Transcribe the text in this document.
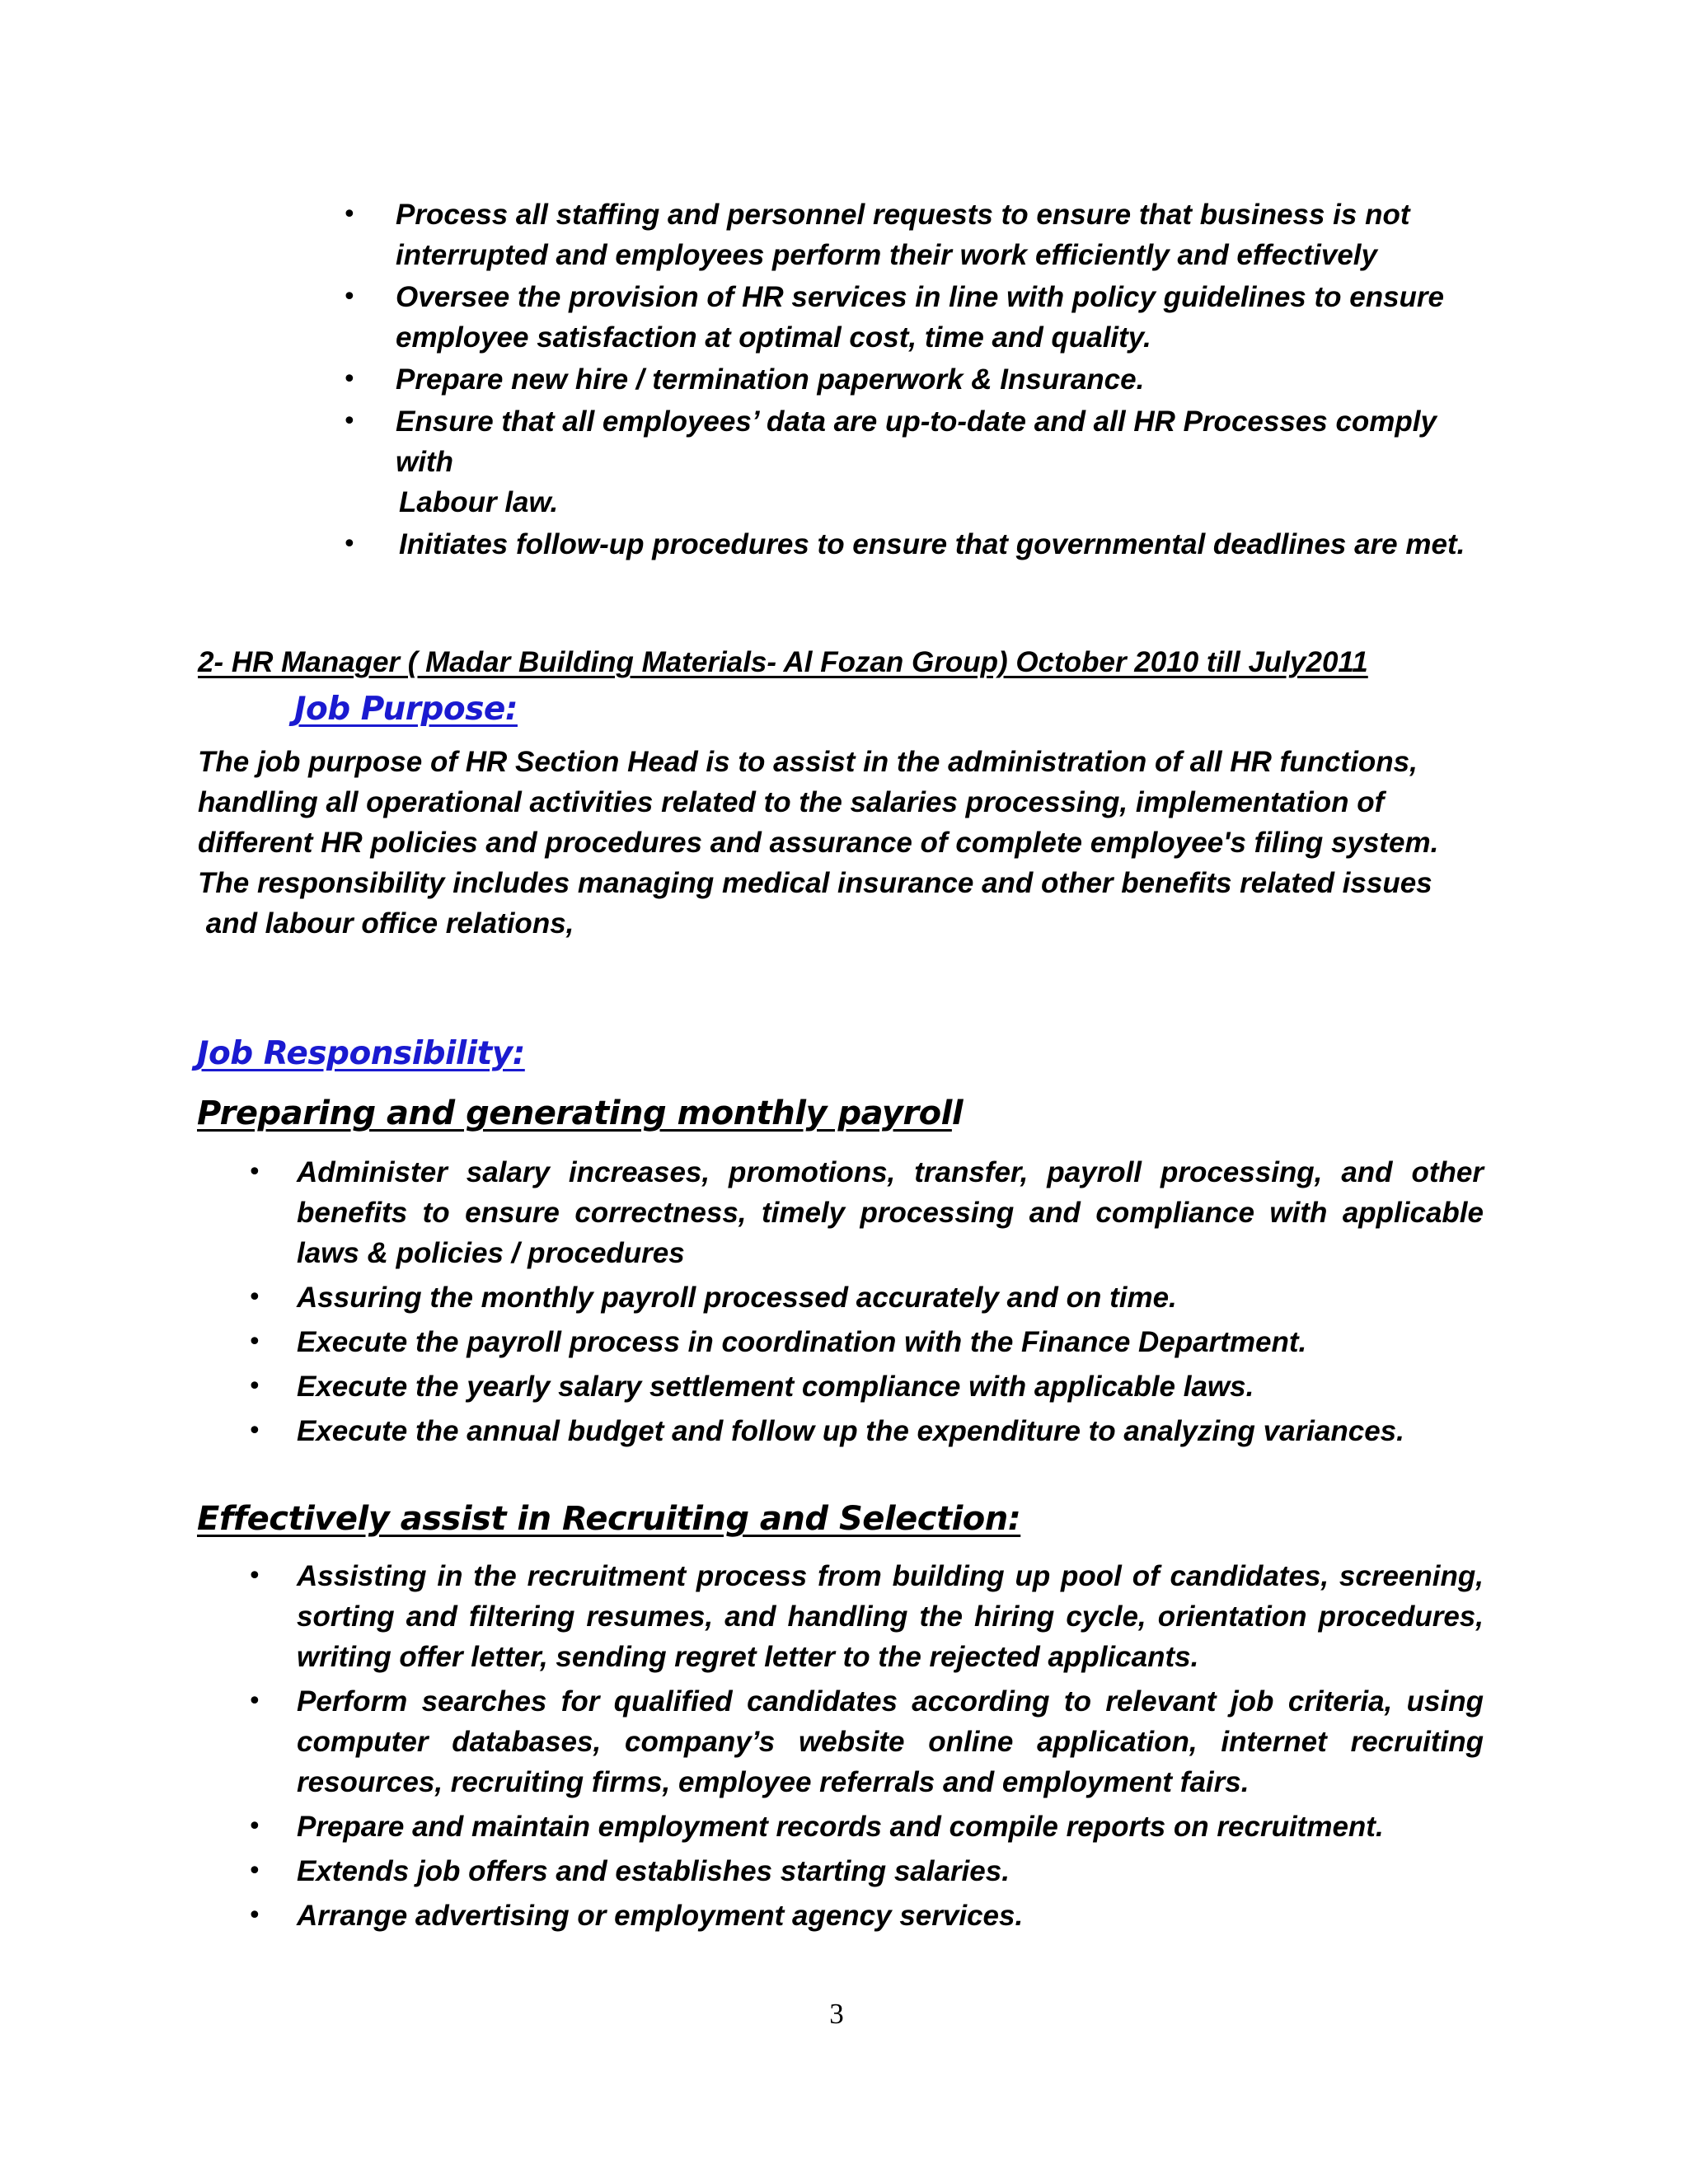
• Process all staffing and personnel requests to ensure that business is not interrupted and employees perform their work efficiently and effectively
• Oversee the provision of HR services in line with policy guidelines to ensure employee satisfaction at optimal cost, time and quality.
• Prepare new hire / termination paperwork & Insurance.
• Ensure that all employees’ data are up-to-date and all HR Processes comply with
Labour law.
• Initiates follow-up procedures to ensure that governmental deadlines are met.
2- HR Manager ( Madar Building Materials- Al Fozan Group) October 2010 till July2011
Job Purpose:

The job purpose of HR Section Head is to assist in the administration of all HR functions, handling all operational activities related to the salaries processing, implementation of different HR policies and procedures and assurance of complete employee's filing system. The responsibility includes managing medical insurance and other benefits related issues

and labour office relations,

Job Responsibility:
Preparing and generating monthly payroll
• Administer salary increases, promotions, transfer, payroll processing, and other benefits to ensure correctness, timely processing and compliance with applicable laws & policies / procedures
• Assuring the monthly payroll processed accurately and on time.
• Execute the payroll process in coordination with the Finance Department.
• Execute the yearly salary settlement compliance with applicable laws.
• Execute the annual budget and follow up the expenditure to analyzing variances.
Effectively assist in Recruiting and Selection:
• Assisting in the recruitment process from building up pool of candidates, screening, sorting and filtering resumes, and handling the hiring cycle, orientation procedures, writing offer letter, sending regret letter to the rejected applicants.
• Perform searches for qualified candidates according to relevant job criteria, using computer databases, company’s website online application, internet recruiting resources, recruiting firms, employee referrals and employment fairs.
• Prepare and maintain employment records and compile reports on recruitment.
• Extends job offers and establishes starting salaries.
• Arrange advertising or employment agency services.
3
